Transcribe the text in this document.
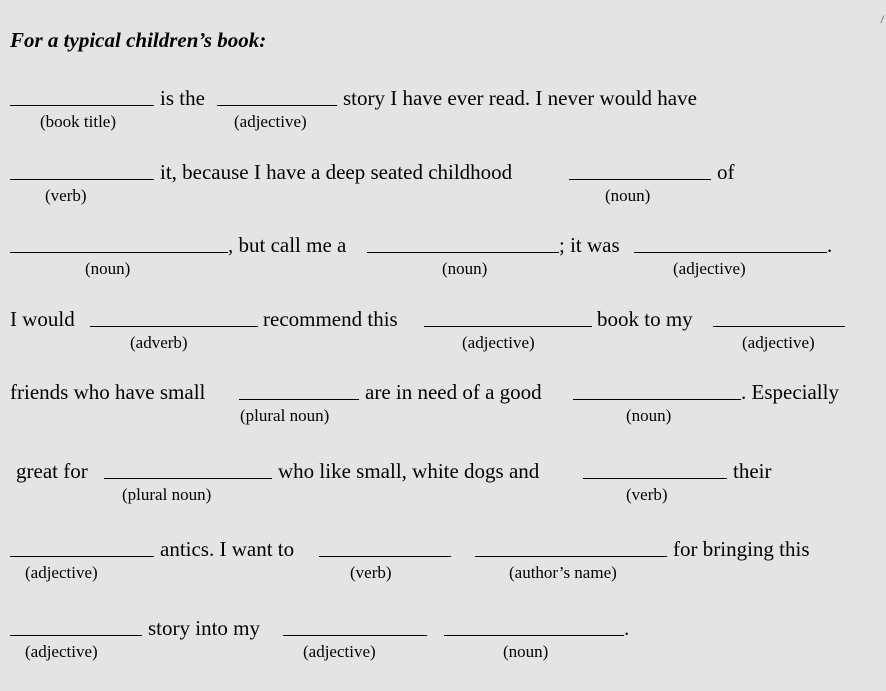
For a typical children’s book:
/
is the	story I have ever read. I never would have
(book title)	(adjective)
it, because I have a deep seated childhood	of
(verb)	(noun)
, but call me a	; it was	.
(noun)	(noun)	(adjective)
I would	recommend this	book to my
(adverb)	(adjective)	(adjective)
friends who have small	are in need of a good	. Especially
(plural noun)	(noun)
great for	who like small, white dogs and	their
(plural noun)	(verb)
antics. I want to	for bringing this
(adjective)	(verb)	(author’s name)
story into my	.
(adjective)	(adjective)	(noun)
